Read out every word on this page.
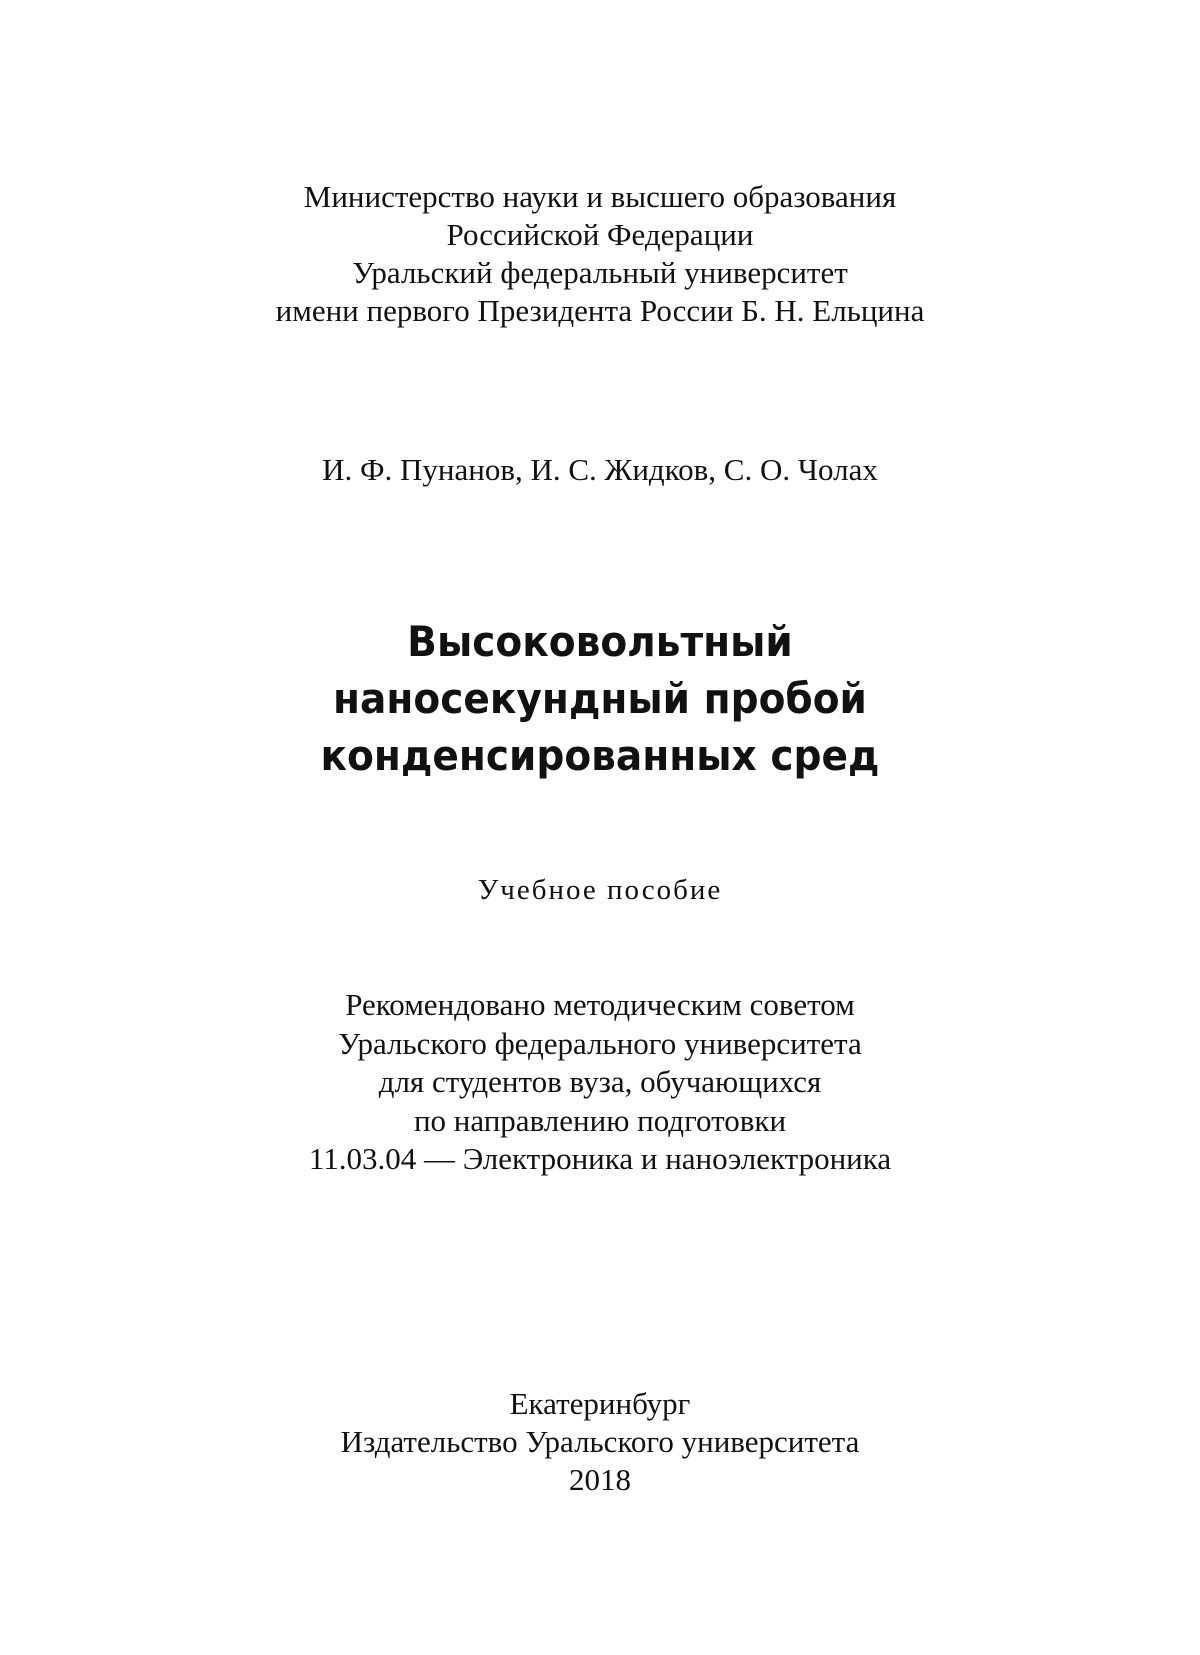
Министерство науки и высшего образования
Российской Федерации
Уральский федеральный университет
имени первого Президента России Б. Н. Ельцина
И. Ф. Пунанов, И. С. Жидков, С. О. Чолах
Высоковольтный
наносекундный пробой
конденсированных сред
Учебное пособие
Рекомендовано методическим советом
Уральского федерального университета
для студентов вуза, обучающихся
по направлению подготовки
11.03.04 — Электроника и наноэлектроника
Екатеринбург
Издательство Уральского университета
2018
